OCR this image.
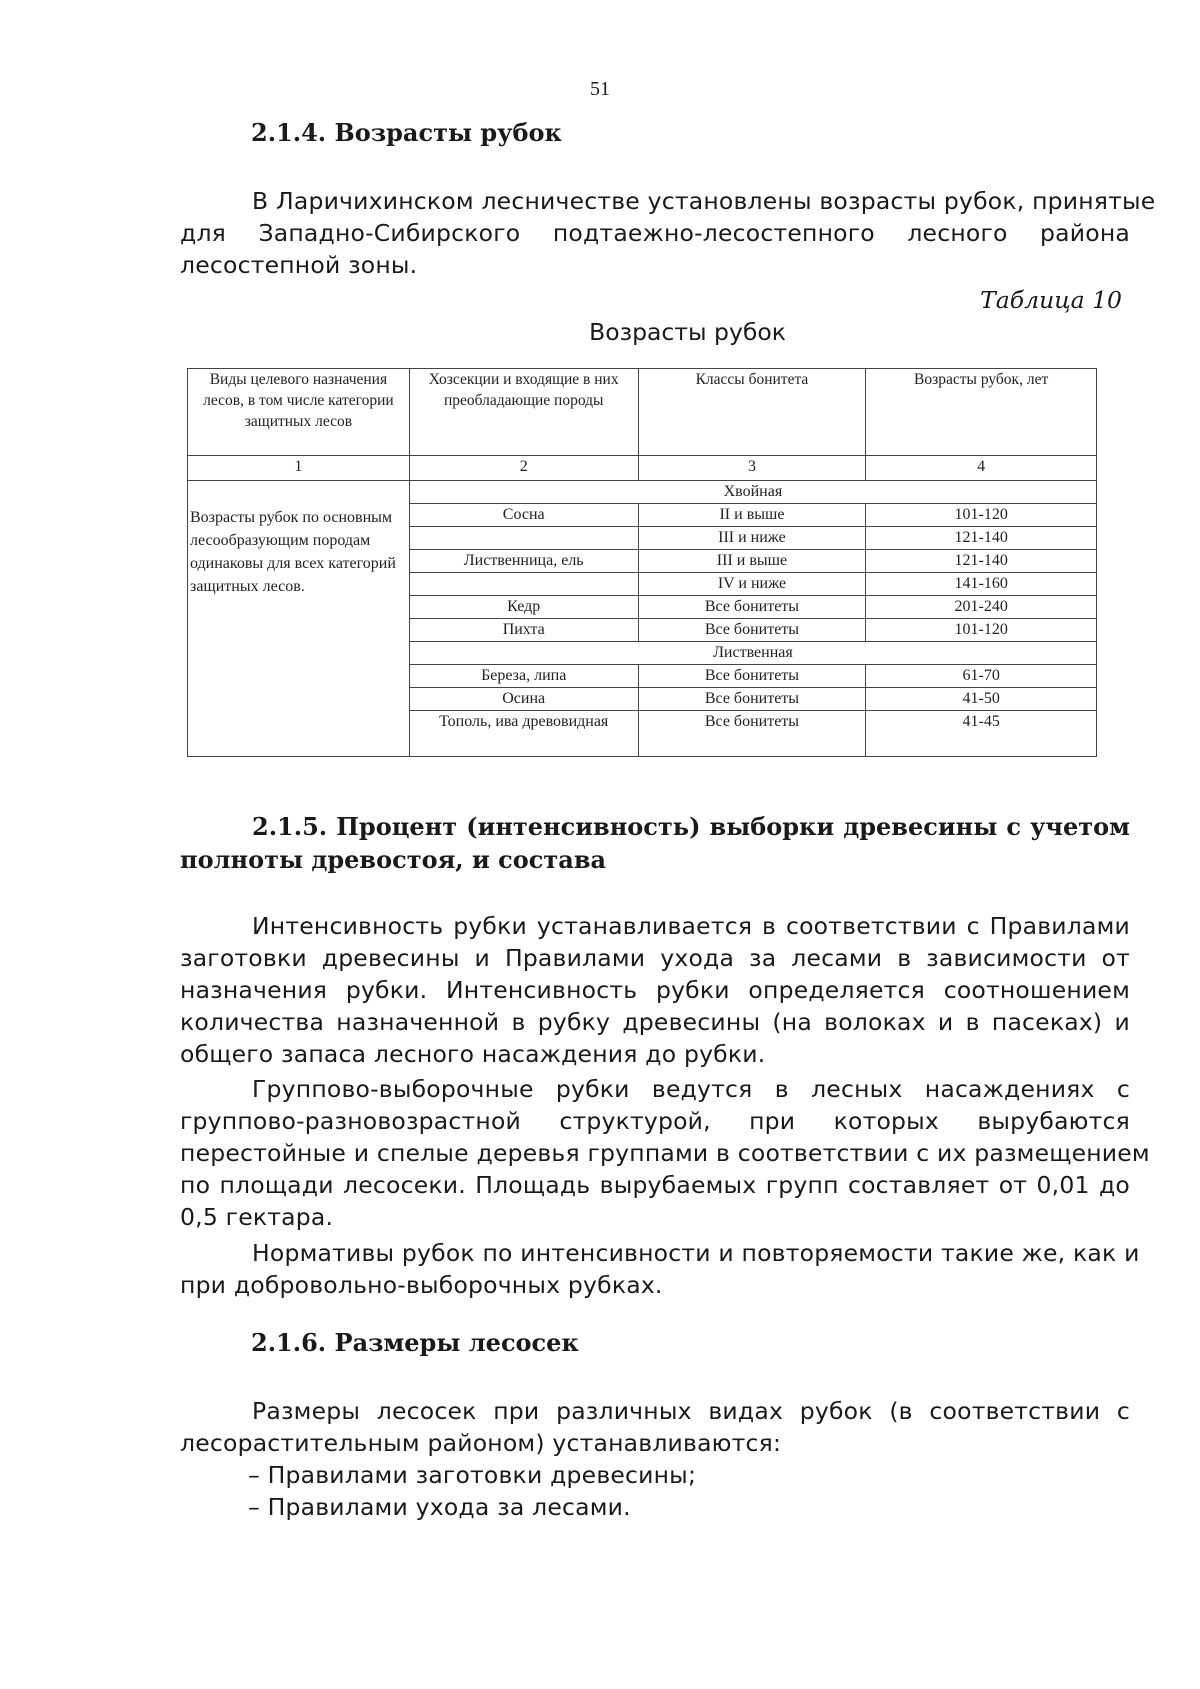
51
2.1.4. Возрасты рубок
В Ларичихинском лесничестве установлены возрасты рубок, принятые
для Западно-Сибирского подтаежно-лесостепного лесного района
лесостепной зоны.
Таблица 10
Возрасты рубок
Виды целевого назначения лесов, в том числе категории защитных лесов	Хозсекции и входящие в них преобладающие породы	Классы бонитета	Возрасты рубок, лет
1	2	3	4
	Хвойная		
Возрасты рубок по основным лесообразующим породам одинаковы для всех категорий защитных лесов.	Сосна	II и выше	101-120
		III и ниже	121-140
	Лиственница, ель	III и выше	121-140
		IV и ниже	141-160
	Кедр	Все бонитеты	201-240
	Пихта	Все бонитеты	101-120
	Лиственная		
	Береза, липа	Все бонитеты	61-70
	Осина	Все бонитеты	41-50
	Тополь, ива древовидная	Все бонитеты	41-45
2.1.5. Процент (интенсивность) выборки древесины с учетом
полноты древостоя, и состава
Интенсивность рубки устанавливается в соответствии с Правилами
заготовки древесины и Правилами ухода за лесами в зависимости от
назначения рубки. Интенсивность рубки определяется соотношением
количества назначенной в рубку древесины (на волоках и в пасеках) и
общего запаса лесного насаждения до рубки.
Группово-выборочные рубки ведутся в лесных насаждениях с
группово-разновозрастной структурой, при которых вырубаются
перестойные и спелые деревья группами в соответствии с их размещением
по площади лесосеки. Площадь вырубаемых групп составляет от 0,01 до
0,5 гектара.
Нормативы рубок по интенсивности и повторяемости такие же, как и
при добровольно-выборочных рубках.
2.1.6. Размеры лесосек
Размеры лесосек при различных видах рубок (в соответствии с
лесорастительным районом) устанавливаются:
– Правилами заготовки древесины;
– Правилами ухода за лесами.
